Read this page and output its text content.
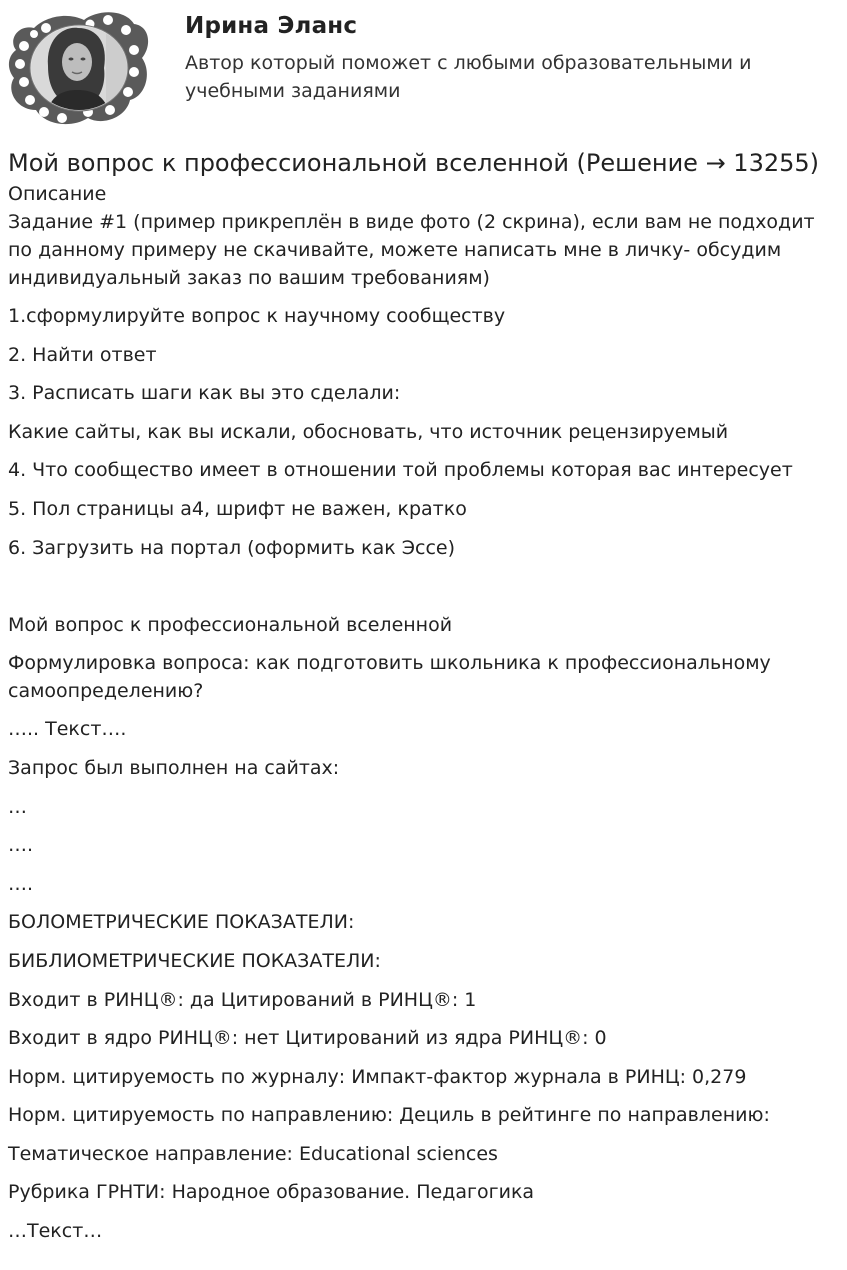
Ирина Эланс
Автор который поможет с любыми образовательными и учебными заданиями
Мой вопрос к профессиональной вселенной (Решение → 13255)

Описание

Задание #1 (пример прикреплён в виде фото (2 скрина), если вам не подходит по данному примеру не скачивайте, можете написать мне в личку- обсудим индивидуальный заказ по вашим требованиям)

1.сформулируйте вопрос к научному сообществу

2. Найти ответ

3. Расписать шаги как вы это сделали:

Какие сайты, как вы искали, обосновать, что источник рецензируемый

4. Что сообщество имеет в отношении той проблемы которая вас интересует

5. Пол страницы а4, шрифт не важен, кратко

6. Загрузить на портал (оформить как Эссе)

Мой вопрос к профессиональной вселенной

Формулировка вопроса: как подготовить школьника к профессиональному самоопределению?

….. Текст….

Запрос был выполнен на сайтах:

…

….

….

БОЛОМЕТРИЧЕСКИЕ ПОКАЗАТЕЛИ:

БИБЛИОМЕТРИЧЕСКИЕ ПОКАЗАТЕЛИ:

Входит в РИНЦ®: да Цитирований в РИНЦ®: 1

Входит в ядро РИНЦ®: нет Цитирований из ядра РИНЦ®: 0

Норм. цитируемость по журналу: Импакт-фактор журнала в РИНЦ: 0,279

Норм. цитируемость по направлению: Дециль в рейтинге по направлению:

Тематическое направление: Educational sciences

Рубрика ГРНТИ: Народное образование. Педагогика

…Текст…
